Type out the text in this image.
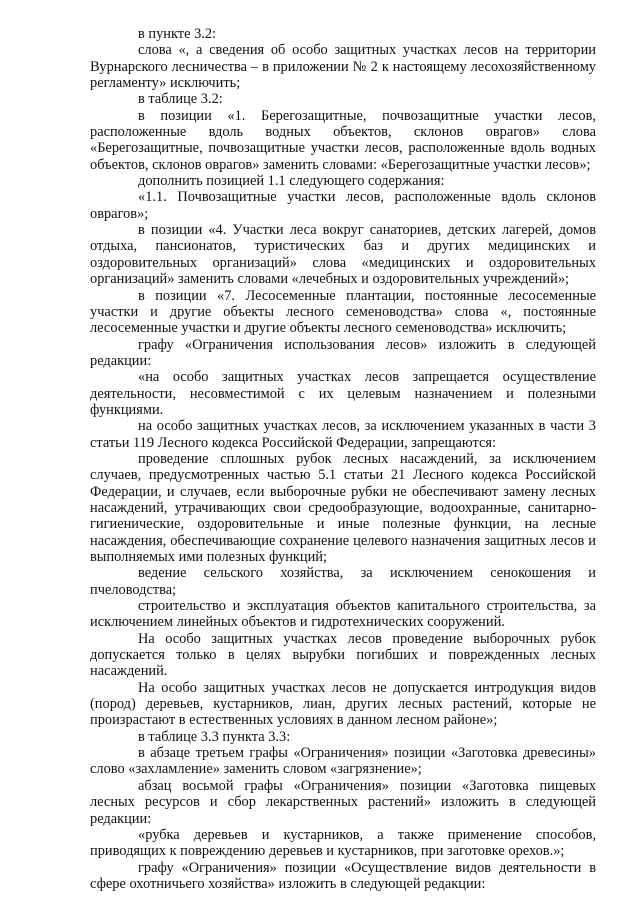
в пункте 3.2:

слова «, а сведения об особо защитных участках лесов на территории Вурнарского лесничества – в приложении № 2 к настоящему лесохозяйственному регламенту» исключить;

в таблице 3.2:

в позиции «1. Берегозащитные, почвозащитные участки лесов, расположенные вдоль водных объектов, склонов оврагов» слова «Берегозащитные, почвозащитные участки лесов, расположенные вдоль водных объектов, склонов оврагов» заменить словами: «Берегозащитные участки лесов»;

дополнить позицией 1.1 следующего содержания:

«1.1. Почвозащитные участки лесов, расположенные вдоль склонов оврагов»;

в позиции «4. Участки леса вокруг санаториев, детских лагерей, домов отдыха, пансионатов, туристических баз и других медицинских и оздоровительных организаций» слова «медицинских и оздоровительных организаций» заменить словами «лечебных и оздоровительных учреждений»;

в позиции «7. Лесосеменные плантации, постоянные лесосеменные участки и другие объекты лесного семеноводства» слова «, постоянные лесосеменные участки и другие объекты лесного семеноводства» исключить;

графу «Ограничения использования лесов» изложить в следующей редакции:

«на особо защитных участках лесов запрещается осуществление деятельности, несовместимой с их целевым назначением и полезными функциями.

на особо защитных участках лесов, за исключением указанных в части 3 статьи 119 Лесного кодекса Российской Федерации, запрещаются:

проведение сплошных рубок лесных насаждений, за исключением случаев, предусмотренных частью 5.1 статьи 21 Лесного кодекса Российской Федерации, и случаев, если выборочные рубки не обеспечивают замену лесных насаждений, утрачивающих свои средообразующие, водоохранные, санитарно-гигиенические, оздоровительные и иные полезные функции, на лесные насаждения, обеспечивающие сохранение целевого назначения защитных лесов и выполняемых ими полезных функций;

ведение сельского хозяйства, за исключением сенокошения и пчеловодства;

строительство и эксплуатация объектов капитального строительства, за исключением линейных объектов и гидротехнических сооружений.

На особо защитных участках лесов проведение выборочных рубок допускается только в целях вырубки погибших и поврежденных лесных насаждений.

На особо защитных участках лесов не допускается интродукция видов (пород) деревьев, кустарников, лиан, других лесных растений, которые не произрастают в естественных условиях в данном лесном районе»;

в таблице 3.3 пункта 3.3:

в абзаце третьем графы «Ограничения» позиции «Заготовка древесины» слово «захламление» заменить словом «загрязнение»;

абзац восьмой графы «Ограничения» позиции «Заготовка пищевых лесных ресурсов и сбор лекарственных растений» изложить в следующей редакции:

«рубка деревьев и кустарников, а также применение способов, приводящих к повреждению деревьев и кустарников, при заготовке орехов.»;

графу «Ограничения» позиции «Осуществление видов деятельности в сфере охотничьего хозяйства» изложить в следующей редакции:
